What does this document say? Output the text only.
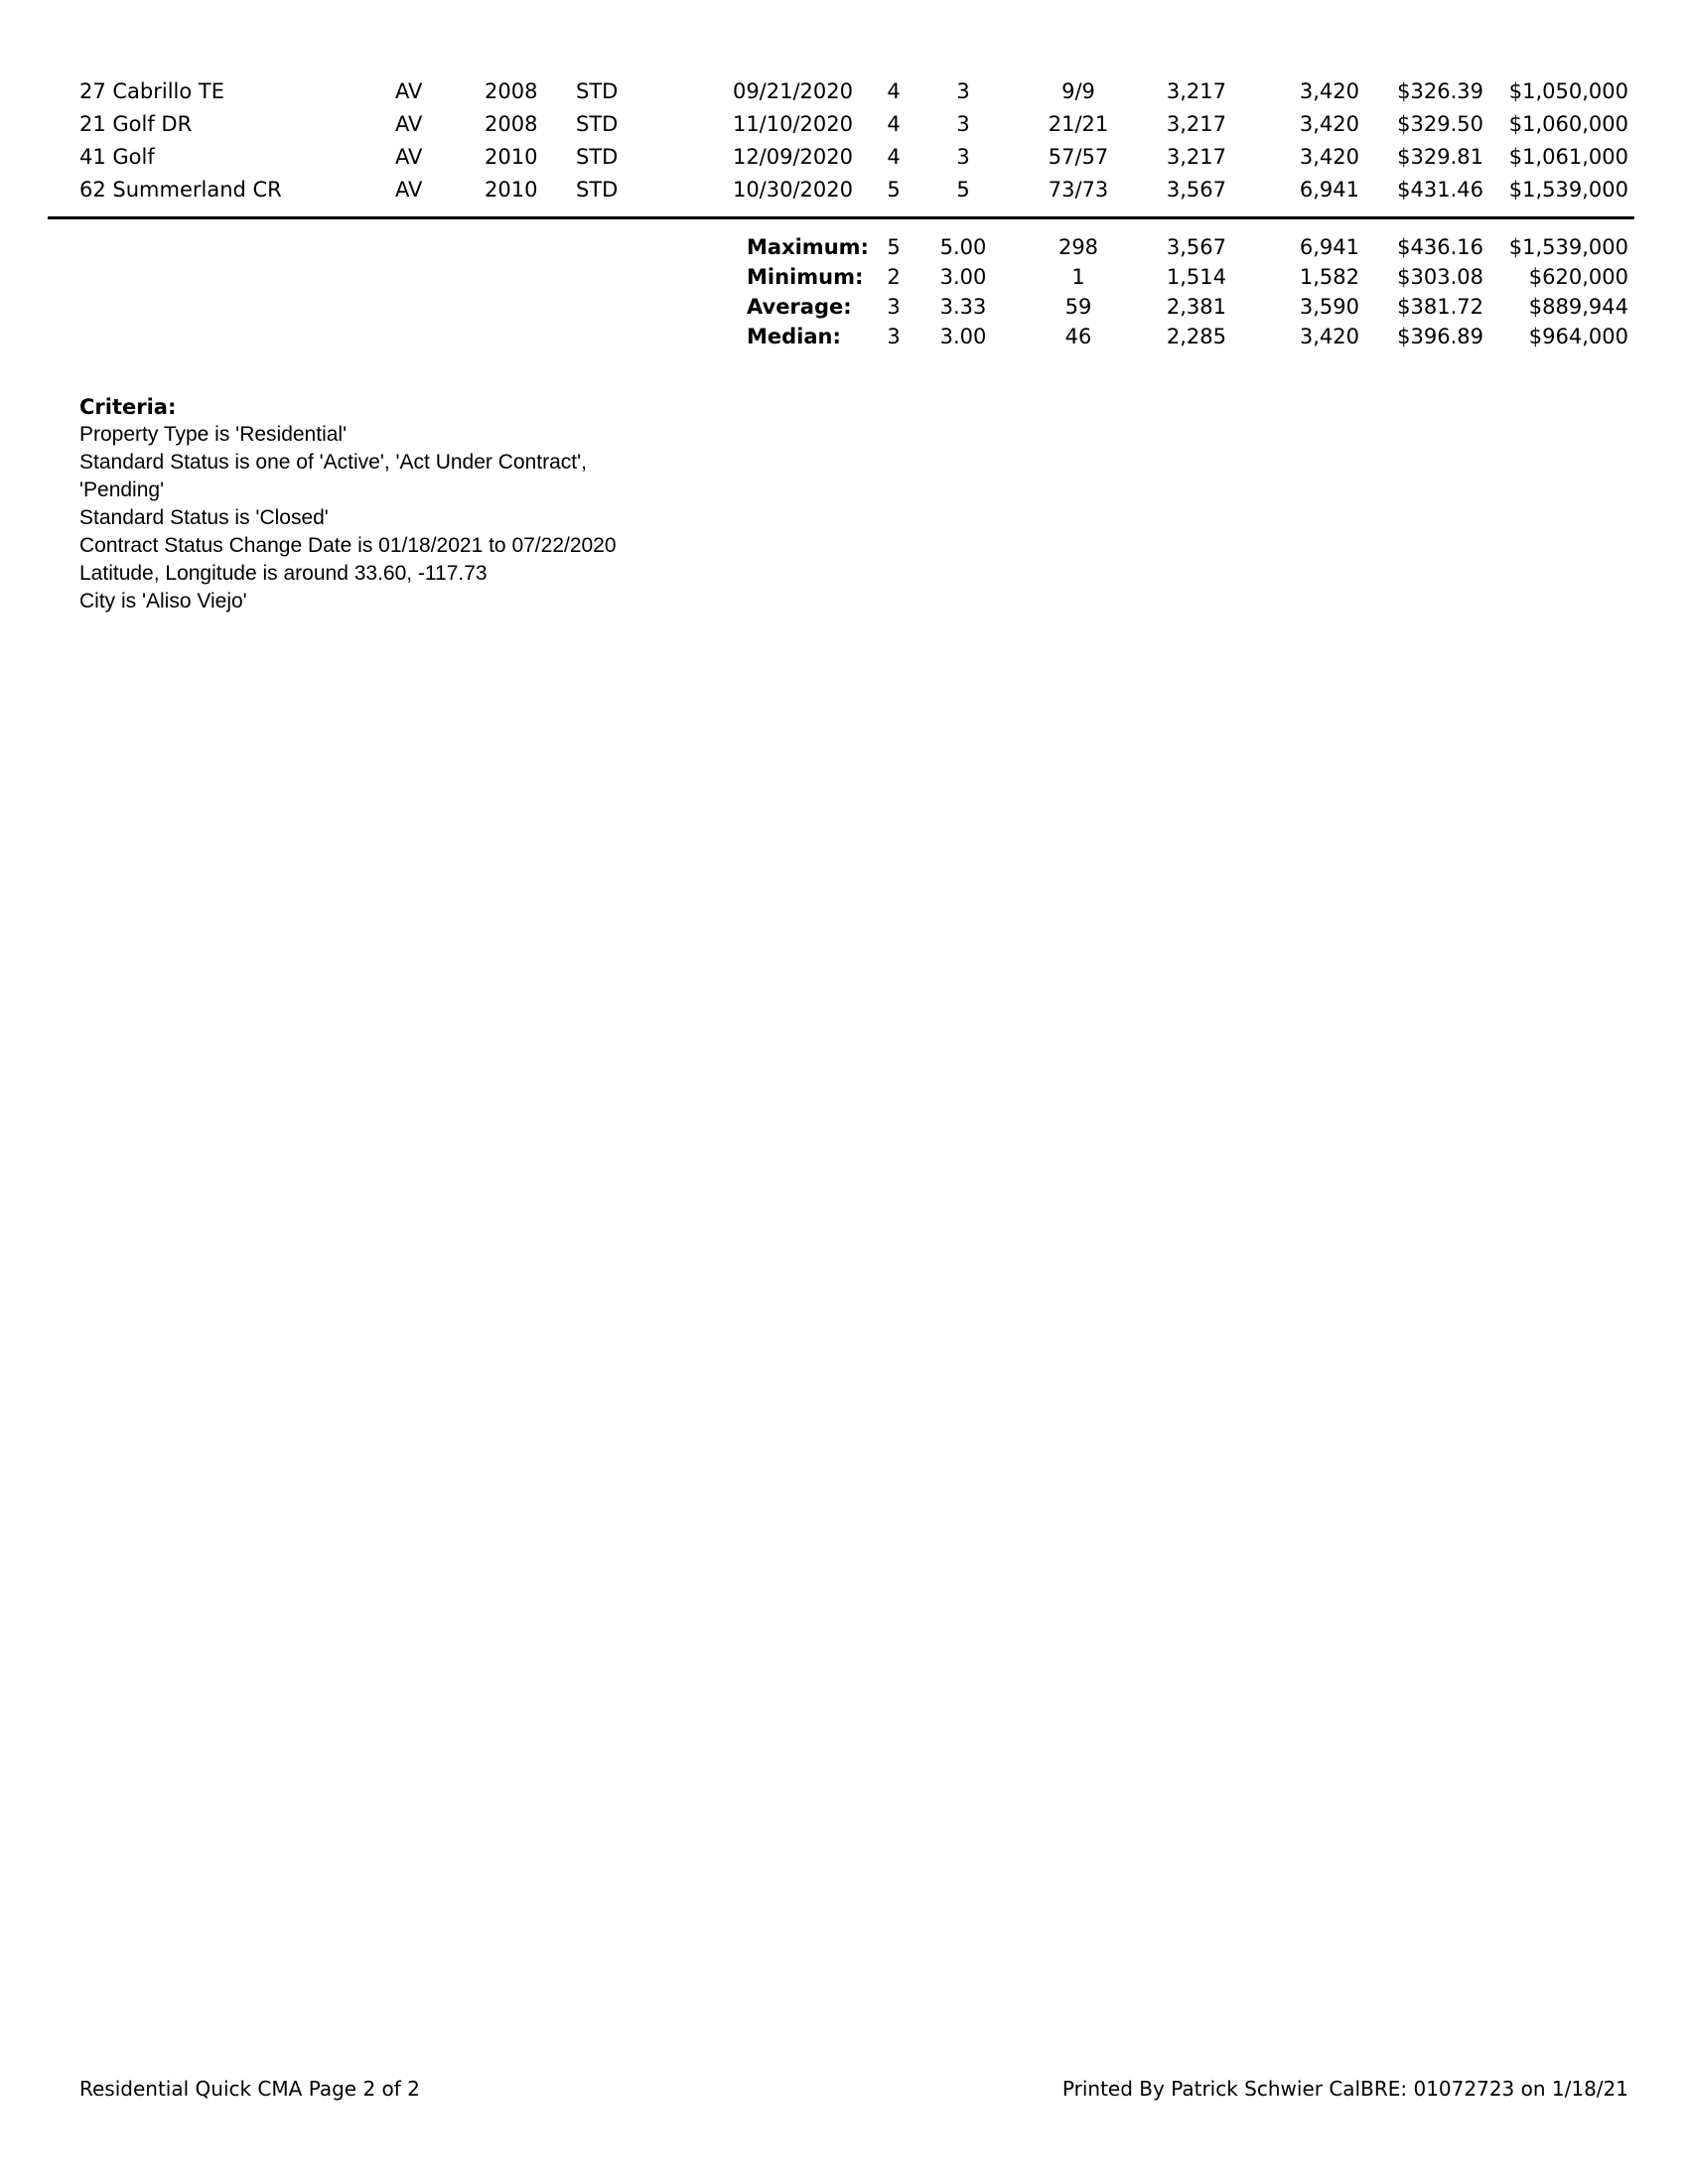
27 Cabrillo TE	AV	2008 STD	09/21/2020 4	3	9/9	3,217	3,420 $326.39 $1,050,000
21 Golf DR	AV	2008 STD	11/10/2020 4	3	21/21	3,217	3,420 $329.50 $1,060,000
41 Golf	AV	2010 STD	12/09/2020 4	3	57/57	3,217	3,420 $329.81 $1,061,000
62 Summerland CR	AV	2010 STD	10/30/2020 5	5	73/73	3,567	6,941 $431.46 $1,539,000
Maximum: 5 5.00	298	3,567	6,941 $436.16 $1,539,000
Minimum: 2 3.00	1	1,514	1,582 $303.08 $620,000
Average: 3 3.33	59	2,381	3,590 $381.72 $889,944
Median: 3 3.00	46	2,285	3,420 $396.89 $964,000
Criteria:
Property Type is 'Residential'
Standard Status is one of 'Active', 'Act Under Contract',
'Pending'
Standard Status is 'Closed'
Contract Status Change Date is 01/18/2021 to 07/22/2020
Latitude, Longitude is around 33.60, -117.73
City is 'Aliso Viejo'
Residential Quick CMA Page 2 of 2	Printed By Patrick Schwier CalBRE: 01072723 on 1/18/21
